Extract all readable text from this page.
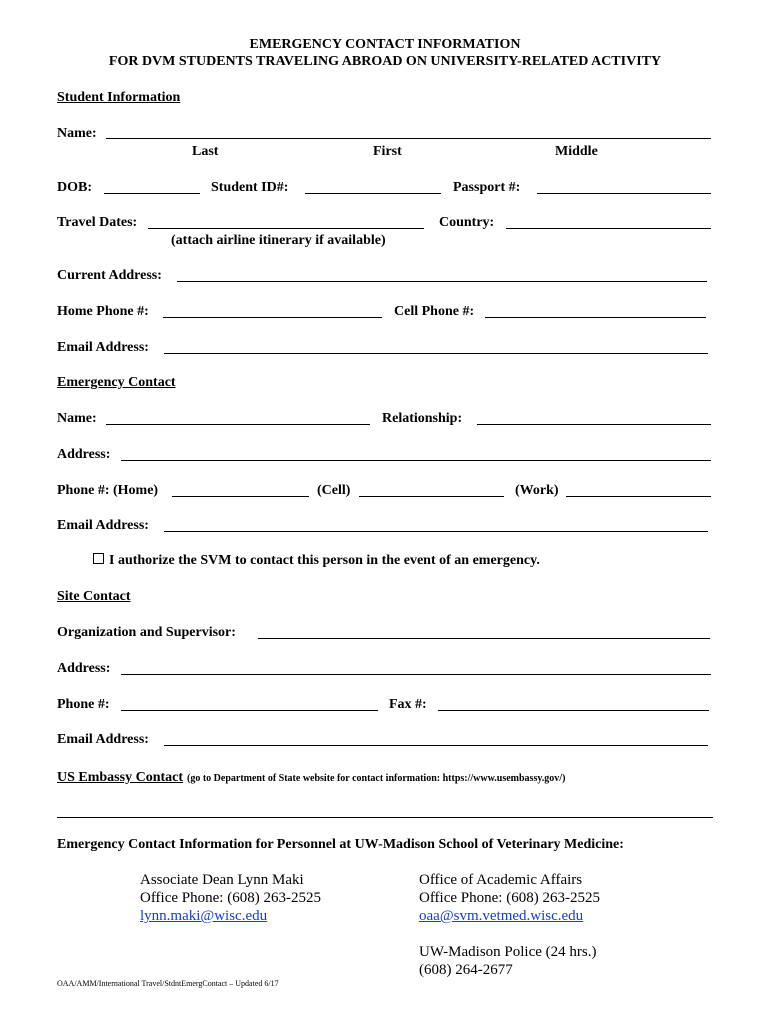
EMERGENCY CONTACT INFORMATION
FOR DVM STUDENTS TRAVELING ABROAD ON UNIVERSITY-RELATED ACTIVITY
Student Information
Name:
Last	First	Middle
DOB:	Student ID#:	Passport #:
Travel Dates:	Country:
(attach airline itinerary if available)
Current Address:
Home Phone #:	Cell Phone #:
Email Address:
Emergency Contact
Name:	Relationship:
Address:
Phone #: (Home)	(Cell)	(Work)
Email Address:
I authorize the SVM to contact this person in the event of an emergency.
Site Contact
Organization and Supervisor:
Address:
Phone #:	Fax #:
Email Address:
US Embassy Contact (go to Department of State website for contact information: https://www.usembassy.gov/)
Emergency Contact Information for Personnel at UW-Madison School of Veterinary Medicine:
Associate Dean Lynn Maki
Office Phone: (608) 263-2525
lynn.maki@wisc.edu
Office of Academic Affairs
Office Phone: (608) 263-2525
oaa@svm.vetmed.wisc.edu
UW-Madison Police (24 hrs.)
(608) 264-2677
OAA/AMM/International Travel/StdntEmergContact – Updated 6/17
